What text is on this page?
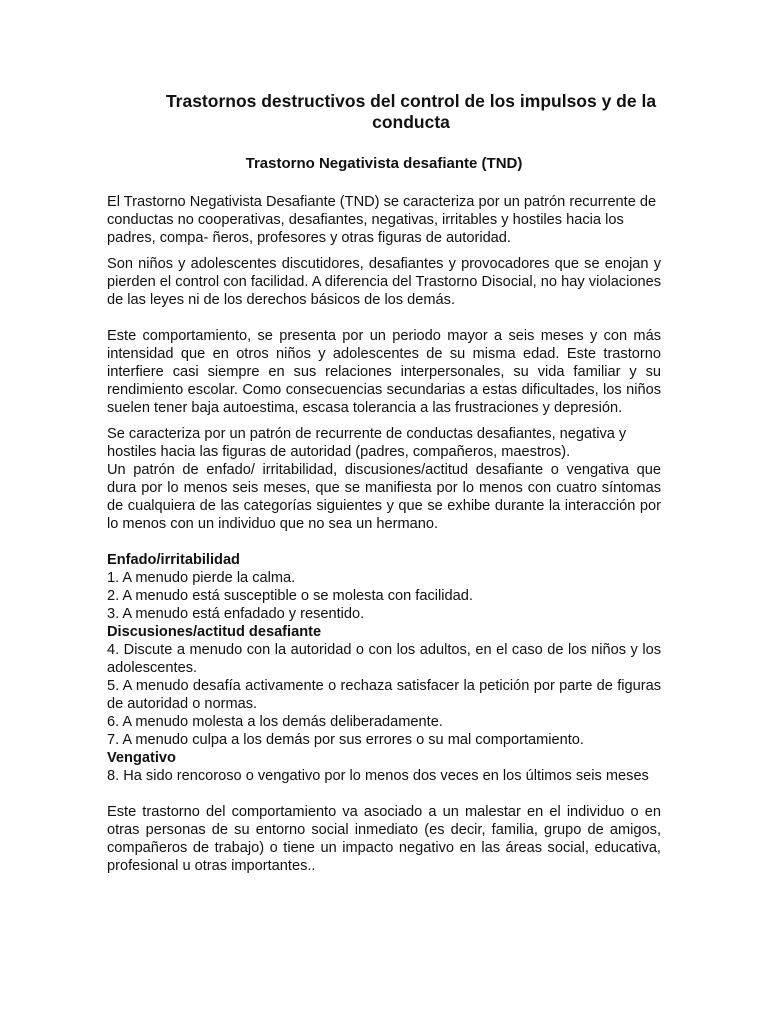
Trastornos destructivos del control de los impulsos y de la conducta
Trastorno Negativista desafiante (TND)

El Trastorno Negativista Desafiante (TND) se caracteriza por un patrón recurrente de conductas no cooperativas, desafiantes, negativas, irritables y hostiles hacia los padres, compa- ñeros, profesores y otras figuras de autoridad.

Son niños y adolescentes discutidores, desafiantes y provocadores que se enojan y pierden el control con facilidad. A diferencia del Trastorno Disocial, no hay violaciones de las leyes ni de los derechos básicos de los demás.

Este comportamiento, se presenta por un periodo mayor a seis meses y con más intensidad que en otros niños y adolescentes de su misma edad. Este trastorno interfiere casi siempre en sus relaciones interpersonales, su vida familiar y su rendimiento escolar. Como consecuencias secundarias a estas dificultades, los niños suelen tener baja autoestima, escasa tolerancia a las frustraciones y depresión.

Se caracteriza por un patrón de recurrente de conductas desafiantes, negativa y hostiles hacia las figuras de autoridad (padres, compañeros, maestros).

Un patrón de enfado/ irritabilidad, discusiones/actitud desafiante o vengativa que dura por lo menos seis meses, que se manifiesta por lo menos con cuatro síntomas de cualquiera de las categorías siguientes y que se exhibe durante la interacción por lo menos con un individuo que no sea un hermano.

Enfado/irritabilidad
1. A menudo pierde la calma.
2. A menudo está susceptible o se molesta con facilidad.
3. A menudo está enfadado y resentido.
Discusiones/actitud desafiante
4. Discute a menudo con la autoridad o con los adultos, en el caso de los niños y los adolescentes.
5. A menudo desafía activamente o rechaza satisfacer la petición por parte de figuras de autoridad o normas.
6. A menudo molesta a los demás deliberadamente.
7. A menudo culpa a los demás por sus errores o su mal comportamiento.
Vengativo
8. Ha sido rencoroso o vengativo por lo menos dos veces en los últimos seis meses

Este trastorno del comportamiento va asociado a un malestar en el individuo o en otras personas de su entorno social inmediato (es decir, familia, grupo de amigos, compañeros de trabajo) o tiene un impacto negativo en las áreas social, educativa, profesional u otras importantes..
